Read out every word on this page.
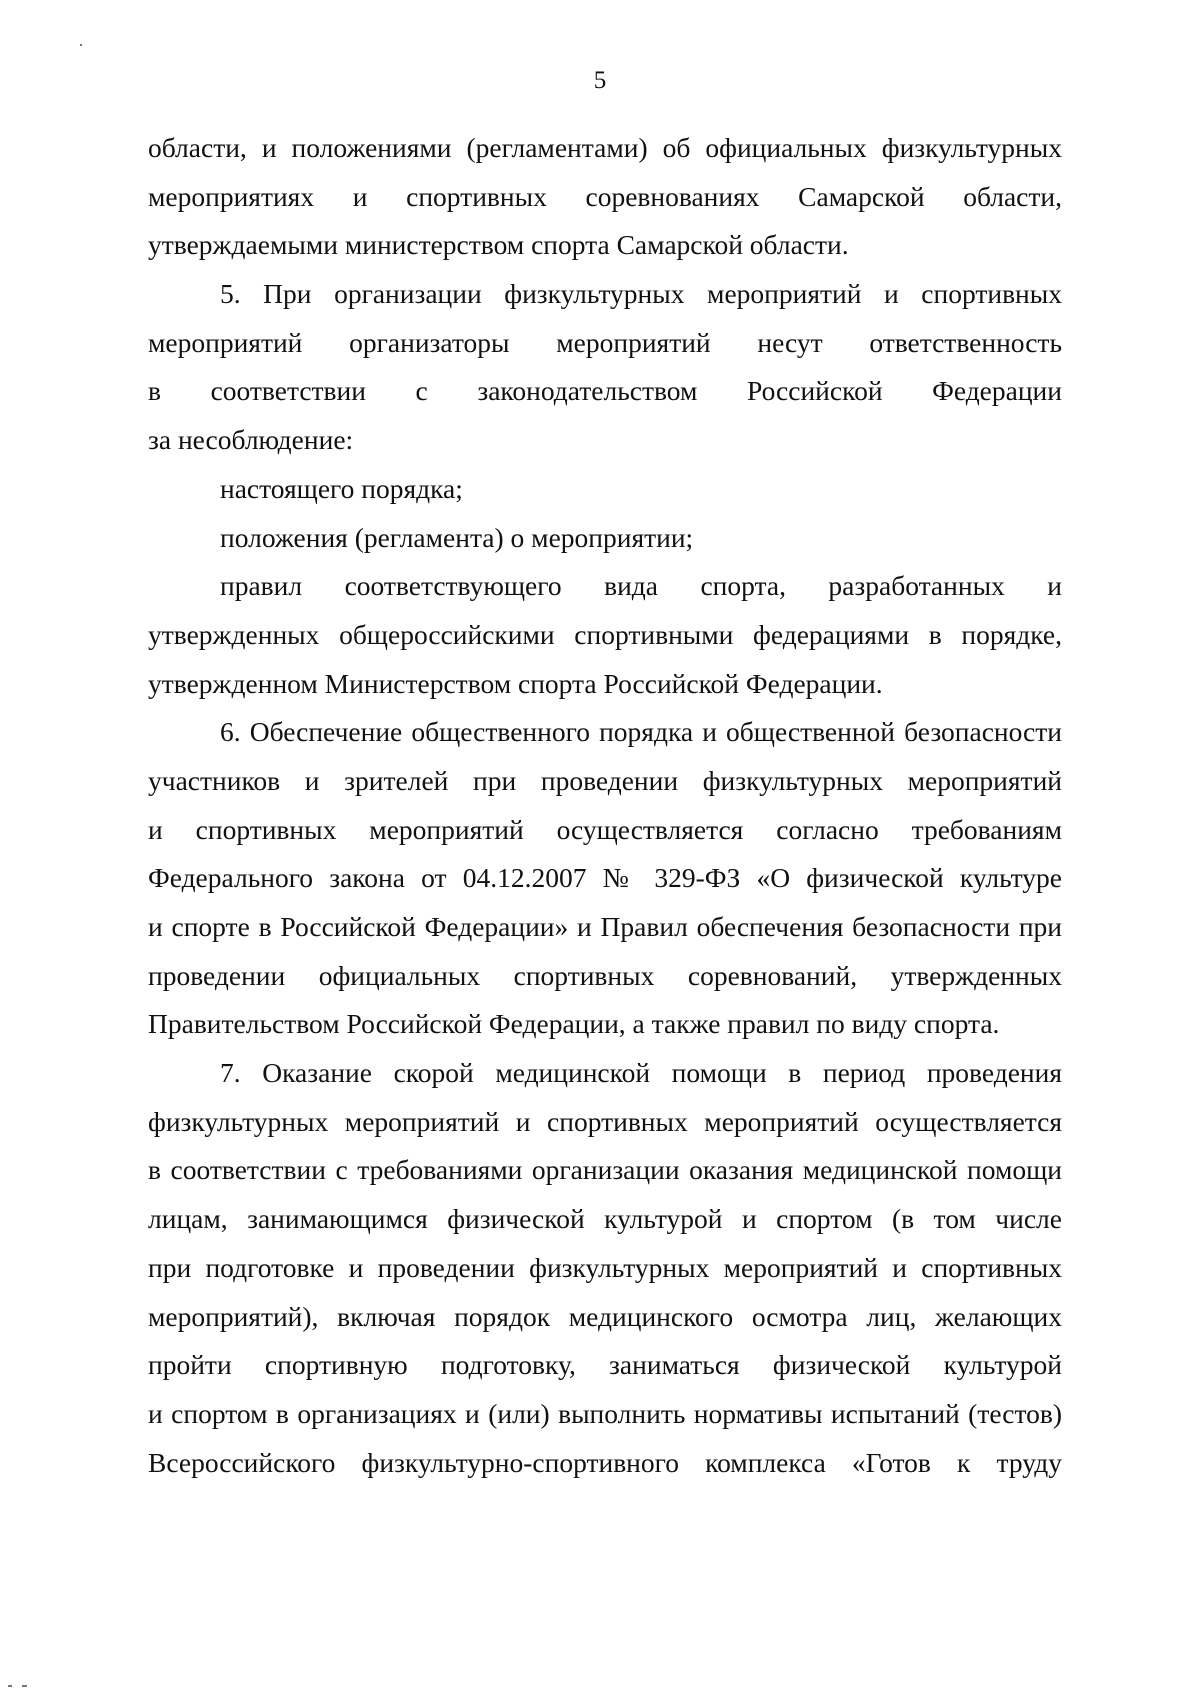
5
области, и положениями (регламентами) об официальных физкультурных
мероприятиях и спортивных соревнованиях Самарской области,
утверждаемыми министерством спорта Самарской области.
5. При организации физкультурных мероприятий и спортивных
мероприятий организаторы мероприятий несут ответственность
в соответствии с законодательством Российской Федерации
за несоблюдение:
настоящего порядка;
положения (регламента) о мероприятии;
правил соответствующего вида спорта, разработанных и
утвержденных общероссийскими спортивными федерациями в порядке,
утвержденном Министерством спорта Российской Федерации.
6. Обеспечение общественного порядка и общественной безопасности
участников и зрителей при проведении физкультурных мероприятий
и спортивных мероприятий осуществляется согласно требованиям
Федерального закона от 04.12.2007 № 329-ФЗ «О физической культуре
и спорте в Российской Федерации» и Правил обеспечения безопасности при
проведении официальных спортивных соревнований, утвержденных
Правительством Российской Федерации, а также правил по виду спорта.
7. Оказание скорой медицинской помощи в период проведения
физкультурных мероприятий и спортивных мероприятий осуществляется
в соответствии с требованиями организации оказания медицинской помощи
лицам, занимающимся физической культурой и спортом (в том числе
при подготовке и проведении физкультурных мероприятий и спортивных
мероприятий), включая порядок медицинского осмотра лиц, желающих
пройти спортивную подготовку, заниматься физической культурой
и спортом в организациях и (или) выполнить нормативы испытаний (тестов)
Всероссийского физкультурно-спортивного комплекса «Готов к труду
